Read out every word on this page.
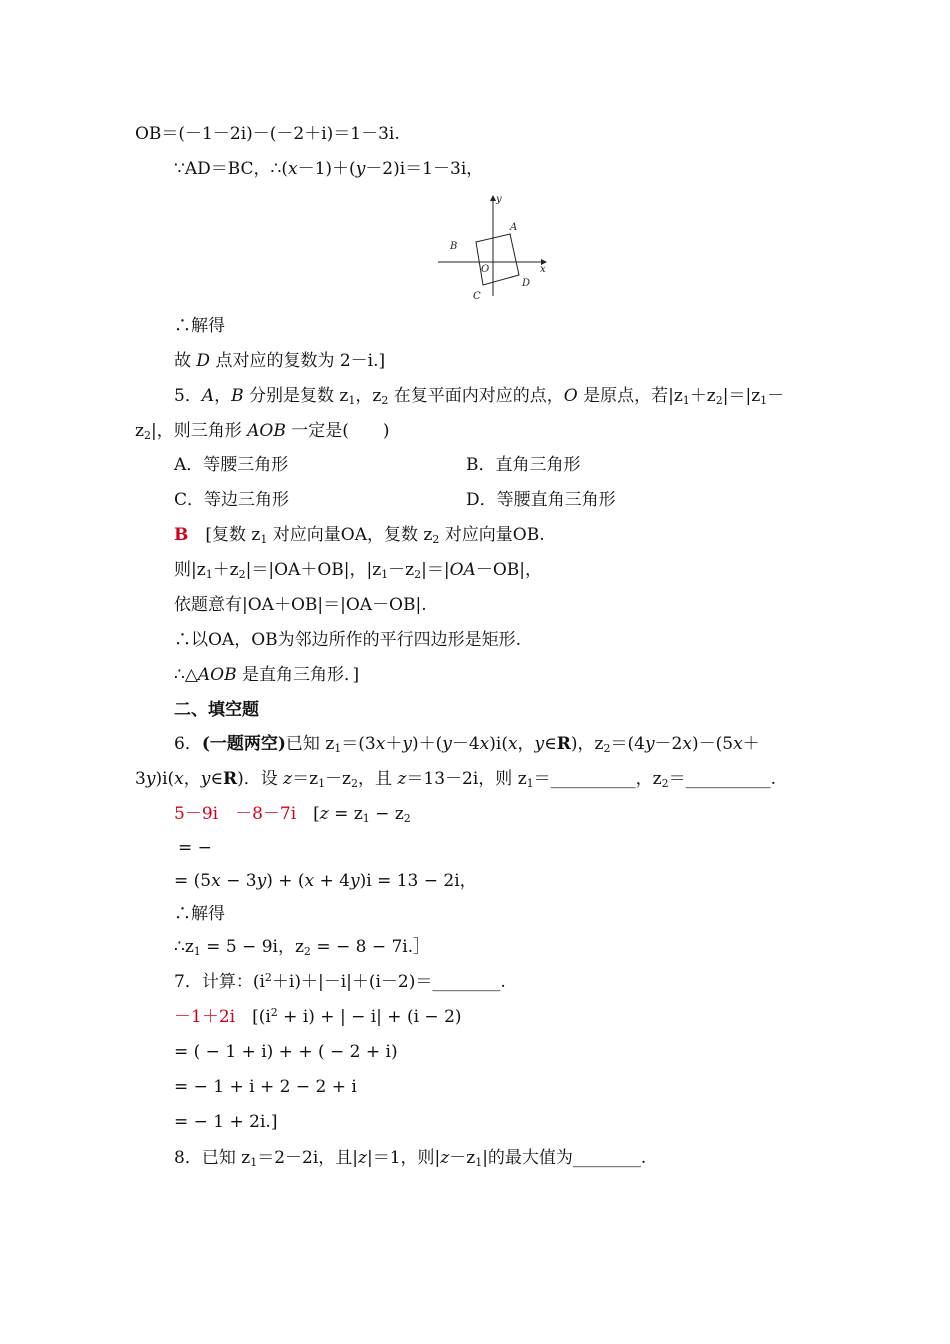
OB＝(－1－2i)－(－2＋i)＝1－3i.
∵AD＝BC，∴(x－1)＋(y－2)i＝1－3i，
y
x
O
A
B
C
D
∴解得
故 D 点对应的复数为 2－i.]
5．A，B 分别是复数 $z_1$，$z_2$ 在复平面内对应的点，O 是原点，若$|z_1+z_2|=|z_1-$
$z_2|$，则三角形 AOB 一定是(　　)
A．等腰三角形	B．直角三角形
C．等边三角形	D．等腰直角三角形
B　[复数 $z_1$ 对应向量OA，复数 $z_2$ 对应向量OB.
则$|z_1+z_2|=|OA+OB|$，$|z_1-z_2|=|OA-OB|$，
依题意有|OA＋OB|＝|OA－OB|.
∴以OA，OB为邻边所作的平行四边形是矩形.
∴△AOB 是直角三角形．]
二、填空题
6．(一题两空)已知 $z_1=(3x+y)+(y-4x)i(x$，y∈R)，$z_2=(4y-2x)-(5x+$
3y)i(x，y∈R)．设 $z=z_1-z_2$，且 z＝13－2i，则 $z_1=\_\_\_\_\_\_\_\_\_\_$，$z_2=\_\_\_\_\_\_\_\_\_\_$.
5－9i　 －8－7i　[$z = z_1 - z_2$
= −
= (5x − 3y) + (x + 4y)i = 13 − 2i，
∴解得
$\therefore z_1 = 5 - 9i$，$z_2$ = − 8 − 7i.］
7．计算：$(i^2+i)+|-i|+(i-2)=\_\_\_\_\_\_\_\_$.
－1＋2i　[$(i^2 + i)$ + | − i| + (i − 2)
= ( − 1 + i) + + ( − 2 + i)
= − 1 + i + 2 − 2 + i
= − 1 + 2i.]
8．已知 $z_1=2-2i$，且|z|＝1，则$|z-z_1|$的最大值为________.
